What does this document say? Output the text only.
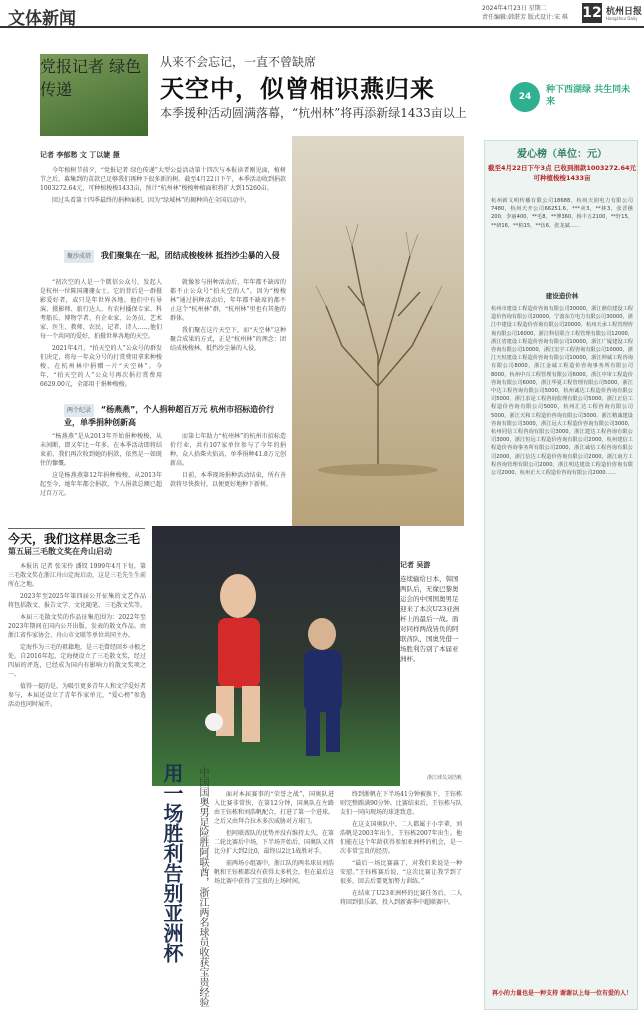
文体新闻
2024年4月23日 星期二
责任编辑:韩湛芳 版式设计:宋 琪	12 杭州日报
Hangzhou Daily
党报记者 绿色传递
从来不会忘记，一直不曾缺席
天空中，似曾相识燕归来
本季援种活动圆满落幕，“杭州林”将再添新绿1433亩以上
24
种下西湖绿 共生同未来
记者 李郁愁 文 丁以婕 摄

今年植树节前夕，“党报记者 绿色传递”大型公益活动第十四次与本报读者刚见面，植树节之后，募集到的苗款已足够我们再种下很多新的树。截至4月22日下午，本季活动收到捐款1003272.64元，可种植梭梭1433亩，预计“杭州林”梭梭种植面积将扩大到15260亩。

回过头看第十四季最终的捐种面积，因为“绿城林”的揭种尚在全国启动中。

聚沙成塔 我们聚集在一起，团结成梭梭林 抵挡沙尘暴的入侵

“初次空的人是一个微信公众号，发起人是杭州一位陈国珊珊女士，它的背后是一群摄影爱好者，或只是年世界各地。他们中有导演、摄影师、旅行达人、有农村播保专家、科考船长、博物学者、有企业家、公务员、艺术家、医生、教师、农民、记者、诗人……他们每一个共同的爱好，拍摄世界各地的天空。

2021年4月，“拍天空的人”公众号的群发们决定，将每一年众分号的打赏费用拿来种梭梭，在杭州林中捐赠一片“天空林”。今年，“拍天空的人”公众号再次捐打赏费用6629.00元，全部用于捐种梭梭。

就像参与捐种活动后，年年都不缺席的都不止公众号“拍天空的人”。因为“梭梭林”通过捐种活动后，年年都不缺席的都不止这个“杭州林”群，“杭州林”里也有其他的群体。

我们聚在这片天空下，而“天空林”这种聚合成果的方式，正是“杭州林”的理念：团结成梭梭林，抵挡沙尘暴的入侵。

两个纪录 “杨燕燕”，个人捐种超百万元 杭州市招标造价行业，单季捐种创新高

“杨燕燕”是从2013年开始捐种梭梭，从未间断，即又年比一年多。在本季活动即将结束前，我们再次收到她的捐款，依然是一如既往的慷慨。

这是杨燕燕第12年捐种梭梭，从2013年起至今，她年年都会捐款，个人捐款总额已超过百万元。

而第七年助力“杭州林”的杭州市招标造价行业，共有107家单位参与了今年的捐种，众人拾柴火焰高，单季捐种41.8万元创新高。

目前，本季现场捐种活动结束，所有善款将尽快拨付，以便更好地种下新树。

今天，我们这样思念三毛
第五届三毛散文奖在舟山启动

本报讯 记者 张宋伶 潘钗 1999年4月下旬，第三毛散文奖在浙江舟山定海启动，这是三毛先生生前所在之地。

2023年至2025年第四届公开征集的文艺作品将包括散文、报告文学、文化随笔、三毛散文奖等。

本届三毛散文奖的作品征集范围为：2022年至2023年期间在国内公开出版、发表的散文作品。由浙江省作家协会、舟山市文联等单位共同主办。

定海作为三毛的祖籍地，是三毛曾经回乡寻根之处。自2016年起，定海便设立了三毛散文奖，经过四届的评选，已经成为国内有影响力的散文奖项之一。

值得一提的是，为吸引更多青年人和文学爱好者参与，本届还设立了青年作家单元，“爱心榜”参选活动也同时展开。

记者 吴游
连续输给日本、韩国两队后，无缘巴黎奥运会的中国国奥男足迎来了本次U23亚洲杯上的最后一战。面对同样两战皆负的阿联酋队，国奥凭借一场胜利告别了本届亚洲杯。
浙江球员刘浩帆
用一场胜利告别亚洲杯	中国国奥男足险胜阿联酋，浙江两名球员收获宝贵经验	面对本届赛事的“荣誉之战”，国奥队进入比赛非常快，在第12分钟，国奥队在左路由王钰栋和刘浩帆配合，打进了第一个进球。之后又由拜合拉木多次威胁对方球门。

但阿联酋队的优势并没有维持太久，在第二轮比赛后中场，下半场开始后，国奥队又将比分扩大到2比0，最终以2比1战胜对手。

前两场小组赛中，浙江队的两名球员刘浩帆和王钰栋都没有获得太多机会，但在最后这场比赛中获得了宝贵的上场时间。

终到浙帆在下半场41分钟被换下，王钰栋则完整踢满90分钟。比赛结束后，王钰栋与队友们一同向现场的球迷致意。

在这支国奥队中，二人都属于小字辈，刘浩帆是2003年出生，王钰栋2007年出生。他们能在这个年龄获得参加亚洲杯的机会，是一次非常宝贵的经历。

“最后一场比赛赢了，对我们来说是一种安慰。”王钰栋赛后说，“这次比赛让我学到了很多，回去后要更加努力训练。”

在结束了U23亚洲杯的比赛任务后，二人将回到俱乐部，投入到新赛季中超联赛中。

爱心榜（单位：元）
截至4月22日下午3点 已收到捐款1003272.64元 可种植梭梭1433亩
杭州新文明传播有限公司18688，杭州天润电力有限公司7480，杭州天开公司66251.6，***卖3，**林3，张晋樵200，李丽400，**毛8，**博360，杨丰五2100，**轩15，**研16，**柏15，**伍6，张龙斌……
建设造价林
杭州市建设工程造价咨询有限公司30000，浙江鼎信建设工程造价咨询有限公司20000，宁波东方电力有限公司30000，浙江中建设工程造价咨询有限公司20000，杭州天承工程管理咨询有限公司16000，浙江科信联合工程管理有限公司12000，浙江省建设工程造价咨询有限公司10000，浙江广厦建设工程咨询有限公司10000，浙江宏宇工程咨询有限公司10000，浙江天恒建设工程造价咨询有限公司10000，浙江坤诚工程咨询有限公司8000，浙江金诚工程造价咨询事务所有限公司8000，杭州中兴工程管理有限公司6000，浙江中审工程造价咨询有限公司6000，浙江华夏工程管理有限公司5000，浙江中达工程咨询有限公司5000，杭州诚达工程造价咨询有限公司5000，浙江求是工程咨询监理有限公司5000，浙江正信工程造价咨询有限公司5000，杭州汇达工程咨询有限公司5000，浙江天和工程造价咨询有限公司3000，浙江精诚建设咨询有限公司3000，浙江远大工程造价咨询有限公司3000，杭州同信工程咨询有限公司3000，浙江建达工程咨询有限公司3000，浙江恒远工程造价咨询有限公司2000，杭州建信工程造价咨询事务所有限公司2000，浙江诚信工程咨询有限公司2000，浙江信达工程造价咨询有限公司2000，浙江南方工程咨询管理有限公司2000，浙江明达建设工程造价咨询有限公司2000，杭州正大工程造价咨询有限公司2000……
再小的力量也是一种支持 谢谢以上每一位有爱的人！
